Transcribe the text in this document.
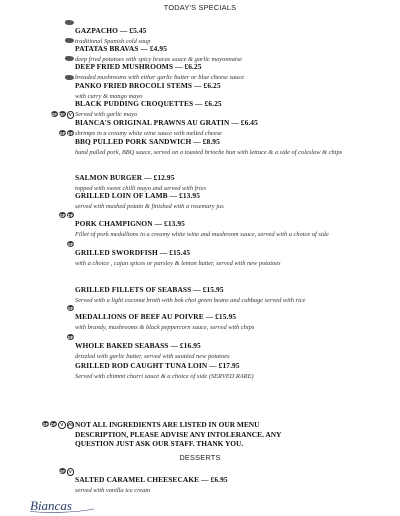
TODAY'S SPECIALS
GAZPACHO — £5.45
traditional Spanish cold soup
PATATAS BRAVAS — £4.95
deep fried potatoes with spicy bravas sauce & garlic mayonnaise
DEEP FRIED MUSHROOMS — £6.25
breaded mushrooms with either garlic butter or blue cheese sauce
PANKO FRIED BROCOLI STEMS — £6.25
with curry & mango mayo
BLACK PUDDING CROQUETTES — £6.25
Served with garlic mayo
GF DF V
BIANCA'S ORIGINAL PRAWNS AU GRATIN — £6.45
shrimps in a creamy white wine sauce with melted cheese
GF DF
BBQ PULLED PORK SANDWICH — £8.95
hand pulled pork, BBQ sauce, served on a toasted brioche bun with lettuce & a side of coleslaw & chips
SALMON BURGER — £12.95
topped with sweet chilli mayo and served with fries
GRILLED LOIN OF LAMB — £13.95
served with mashed potato & finished with a rosemary jus
GF DF
PORK CHAMPIGNON — £13.95
Fillet of pork medallions in a creamy white wine and mushroom sauce, served with a choice of side
GF
GRILLED SWORDFISH — £15.45
with a choice , cajun spices or parsley & lemon butter, served with new potatoes
GRILLED FILLETS OF SEABASS — £15.95
Served with a light coconut broth with bok choi green beans and cabbage served with rice
GF
MEDALLIONS OF BEEF AU POIVRE — £15.95
with brandy, mushrooms & black peppercorn sauce, served with chips
GF
WHOLE BAKED SEABASS — £16.95
drizzled with garlic butter, served with sautéed new potatoes
GRILLED ROD CAUGHT TUNA LOIN — £17.95
Served with chimmi churri sauce & a choice of side (SERVED RARE)
GF DF V VG NOT ALL INGREDIENTS ARE LISTED IN OUR MENU
DESCRIPTION, PLEASE ADVISE ANY INTOLERANCE. ANY
QUESTION JUST ASK OUR STAFF. THANK YOU.
DESSERTS
GF V
SALTED CARAMEL CHEESECAKE — £6.95
served with vanilla ice cream
Biancas
